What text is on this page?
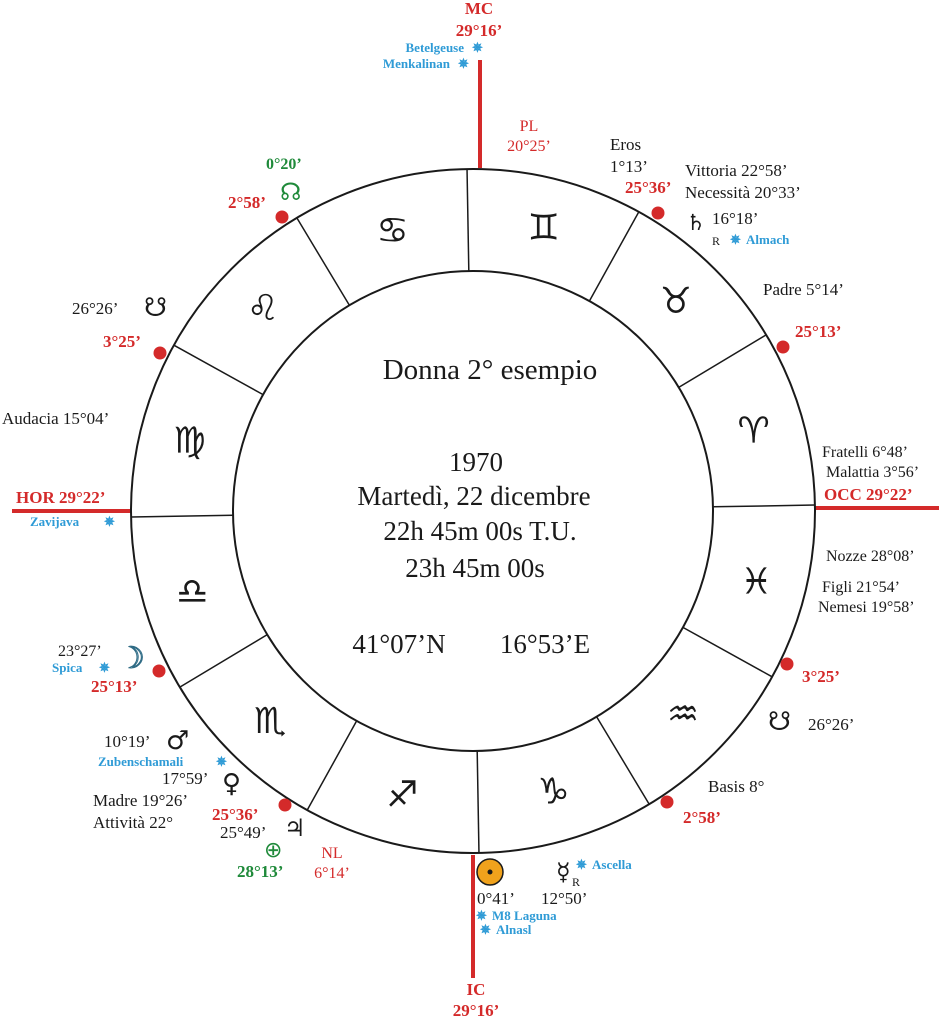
♊
♉
♈
♓
♒
♑
♐
♏
♎
♍
♌
♋
Donna 2° esempio
1970
Martedì, 22 dicembre
22h 45m 00s T.U.
23h 45m 00s
41°07’N 16°53’E
MC
29°16’
IC
29°16’
HOR 29°22’	OCC 29°22’
2°58’
25°36’
25°13’
3°25’
3°25’
25°13’
2°58’
25°36’
Betelgeuse ✵
Menkalinan ✵
PL
20°25’
0°20’
☊
Eros
1°13’ Vittoria 22°58’
Necessità 20°33’
♄ 16°18’
R ✵ Almach
Padre 5°14’
Fratelli 6°48’
Malattia 3°56’
Nozze 28°08’
Figli 21°54’
Nemesi 19°58’
☋ 26°26’
Basis 8°
☿ R
✵ Ascella
12°50’
0°41’
✵ M8 Laguna
✵ Alnasl
NL
6°14’
♃
25°49’
⊕
28°13’
Madre 19°26’
Attività 22°
17°59’ ♀
Zubenschamali	✵
10°19’ ♂
23°27’
Spica ✵ ☽
Zavijava ✵
Audacia 15°04’
26°26’ ☋
